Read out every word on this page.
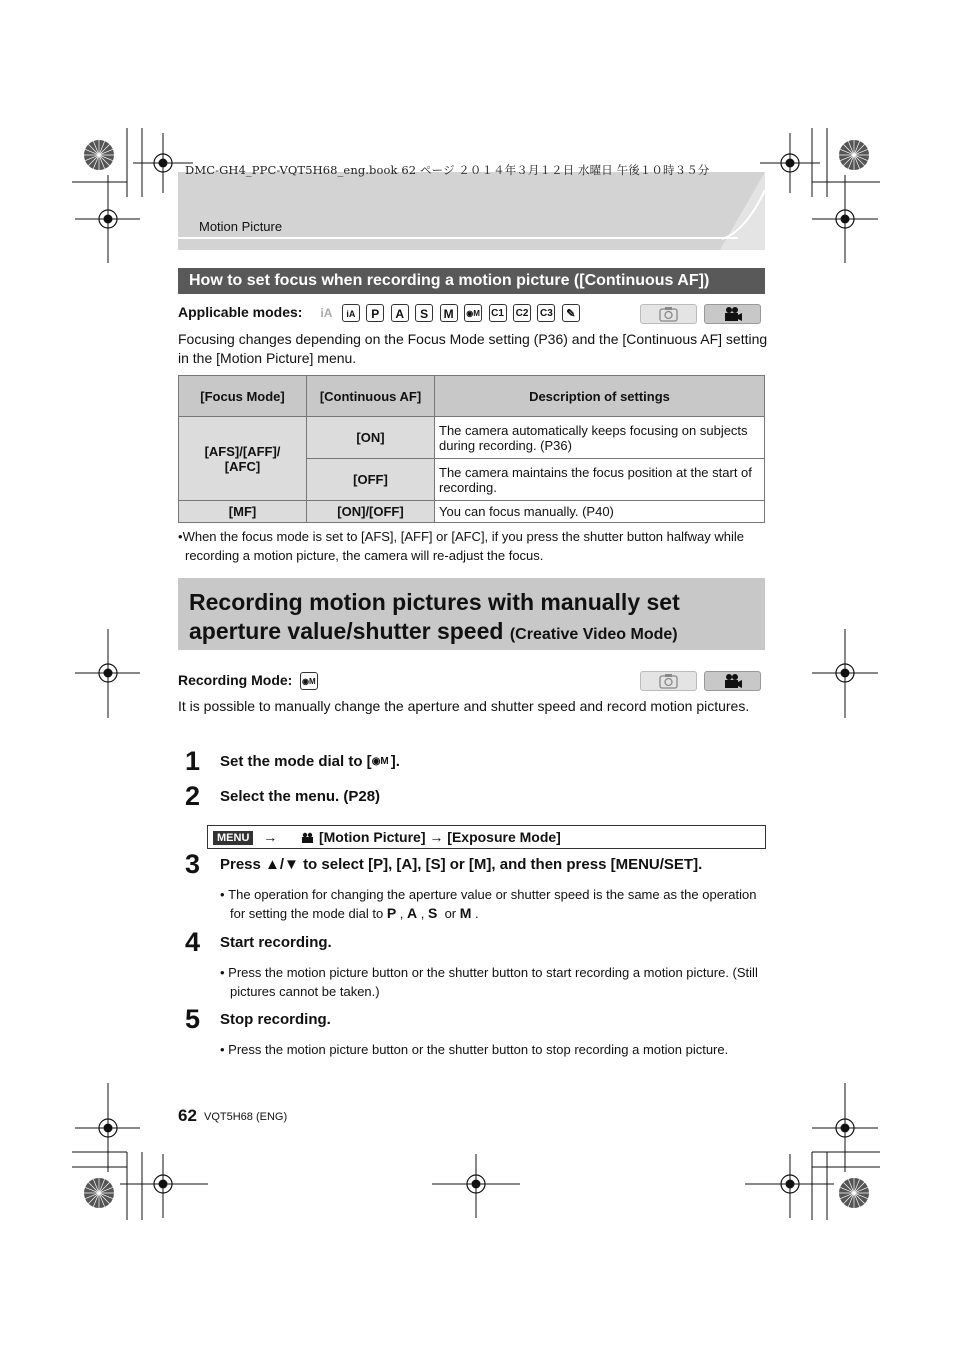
DMC-GH4_PPC-VQT5H68_eng.book 62 ページ ２０１４年３月１２日 水曜日 午後１０時３５分
Motion Picture
How to set focus when recording a motion picture ([Continuous AF])
Applicable modes: iA iA P A S M ◉M C1 C2 C3 ✎
Focusing changes depending on the Focus Mode setting (P36) and the [Continuous AF] setting in the [Motion Picture] menu.
[Focus Mode]	[Continuous AF]	Description of settings
[AFS]/[AFF]/
[AFC]	[ON]	The camera automatically keeps focusing on subjects during recording. (P36)
	[OFF]	The camera maintains the focus position at the start of recording.
[MF]	[ON]/[OFF]	You can focus manually. (P40)
•When the focus mode is set to [AFS], [AFF] or [AFC], if you press the shutter button halfway while recording a motion picture, the camera will re-adjust the focus.
Recording motion pictures with manually set
aperture value/shutter speed (Creative Video Mode)
Recording Mode: ◉M
It is possible to manually change the aperture and shutter speed and record motion pictures.
1 Set the mode dial to [◉M ].
2 Select the menu. (P28)
MENU →	[Motion Picture] → [Exposure Mode]
3 Press ▲/▼ to select [P], [A], [S] or [M], and then press [MENU/SET].
• The operation for changing the aperture value or shutter speed is the same as the operation for setting the mode dial to P , A , S or M .
4 Start recording.
• Press the motion picture button or the shutter button to start recording a motion picture. (Still pictures cannot be taken.)
5 Stop recording.
• Press the motion picture button or the shutter button to stop recording a motion picture.
62 VQT5H68 (ENG)
